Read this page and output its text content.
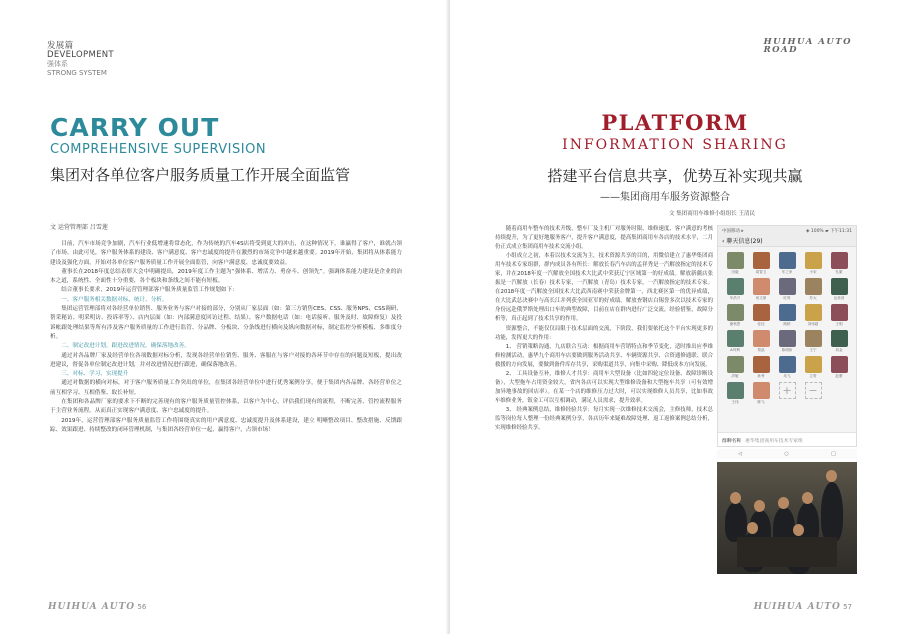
发展篇
DEVELOPMENT
强体系
STRONG SYSTEM
CARRY OUT
COMPREHENSIVE SUPERVISION
集团对各单位客户服务质量工作开展全面监管
文 运营管理部 吕雪莲

目前，汽车市场竞争加剧，汽车行业低增速将常态化，作为传统的汽车4S店将受到更大的冲击，在这种情况下，谁赢得了客户，谁就占领了市场。由此可见，客户服务体系的建设、客户满意度、客户忠诚度的提升在激烈的市场竞争中越来越重要。2019年开始，集团将从体系能力建设及强化方面，开始对各单位客户服务质量工作开展全面监管，向客户满意度、忠诚度要效益。

董事长在2018年度总结表彰大会中明确提出，2019年度工作主题为“强体系、增活力、勇奋斗、创领先”。强调体系能力建设是企业的治本之道，系统性、全面性十分重要，各个板块和条线之间不能有短板。

结合董事长要求，2019年运营管理部客户服务质量监管工作规划如下：

一、客户服务相关数据对标、统计、分析。

集团运营管理部将对各经营单位销售、服务业务与客户对接的部分，分别从厂家层面（如：第三方销售CES、CSS、服务NPS、CSS调研、帮采秘访、明采明访、投诉率等）、店内层面（如：内部满意度回访过程、结果）、客户数据电话（如：电话接听、服务及时、故障修复）及投诉帐跟处理结果等所有涉及客户服务质量的工作进行监管、分品牌、分板块、分条线进行横向及纵向数据对标，制定监控分析模板、多维度分析。

二、制定改进计划，跟进改进情况，确保落地改善。

通过对各品牌厂家及经营单位各项数据对标分析，发现各经营单位销售、服务、客服在与客户对接的各环节中存在的问题及短板，提出改进建议，督促各单位制定改进计划，并对改进情况进行跟进，确保落地改善。

三、对标、学习、实现提升

通过对数据的横向对标，对于客户服务质量工作突出的单位，在集团各经营单位中进行优秀案例分享，便于集团内各品牌、各经营单位之前互相学习、互相借鉴、取长补短。

在集团和各品牌厂家的要求下不断的完善现有的客户服务质量管控体系，以客户为中心，评估我们现有的流程，不断完善、管控流程服务于主营业务流程，从而真正实现客户满意度、客户忠诚度的提升。

2019年，运营管理部客户服务质量监管工作将围绕真实的用户满意度、忠诚度提升及体系建设，建立 明晰整改项目、整改措施、反馈跟踪、效果跟进、持续整改的闭环管理机制，与集团各经营单位一起，赢得客户，占领市场！

HUIHUA AUTO 56
HUIHUA AUTO
ROAD
PLATFORM
INFORMATION SHARING
搭建平台信息共享，优势互补实现共赢
——集团商用车服务资源整合
文 集团商用车维修小组组长 王清民

随着商用车整车的技术升级，整车厂及主机厂对服务时限、维修速度、客户满意的考核持续提升，为了更好地服务客户，提升客户满意度，提高集团商用车各店的技术水平，二月份正式成立集团商用车技术交流小组。

小组成立之初，本着以技术交流为主，技术资源共享的目的，用微信建立了惠华集团商用车技术专家组群，群内成员各有所长：解放长春汽车店的孟祥秀是一汽解放指定的技术专家，并在2018年度一汽解放全国技术大比武中荣获辽宁区域第一的好成绩。解放新疆店张振是一汽解放（长春）技术专家，一汽解放（青岛）技术专家，一汽解放指定的技术专家。在2018年度一汽解放全国技术大比武西南赛中荣获金牌第一，西北赛区第一的优异成绩，在大比武总决赛中与高长江并列获全国亚军的好成绩。解放查钢店白锡誉多次以技术专家的身份远赴俄罗斯处理出口车的典型故障，目前在店在群内进行广泛交流，经验借鉴，故障分析等，真正起到了技术共享的作用。

资源整合，不能仅仅局限于技术层面的交流，下阶段，我们要依托这个平台实现更多的功能，发挥更大的作用：

1、 营销策略沟通，九店联合互动：根据商用车营销特点和季节变化，适时推出应季维修检测活动，惠华九个商用车店要做到服务活动共享、车辆资源共享、合资通修通联、联合救援的方向发展，要做到备件库存共享，采购渠道共享，向集中采购、降低成本方向发展。

2、 工具设备互补，维修人才共享：商用车大型设备（比如四轮定位设备、故障诊断设备），大型拖车占用资金较大，省内各店可以实现大型维修设备和大型拖车共享（可有效增加异地事故的回店率）。在某一个店的维修压力过大时，可以实现维修人员共享，比如事故车维修业务，钣金工可以互相调动，满足人员需求，提升效率。

3、 经典案例总结，维修经验共享：每月实现一次维修技术交流会，主修技师，技术总监等岗位每人整理一份经典案例分享，各店历年来疑难故障处理、返工返修案例总结分析，实现维修经验共享。

中国移动 ▸	◈ 100% ▰ 下午11:31
‹ 聊天信息(29)
田毅	周智卫	车之家	小宋	孔繁
车洪兴	何文豪	旺哥	苏大	运营部
谢秋思	佳佳	路桥	刘伟超	王明
A玛利	郑浪	陈明伟	王宁	刘金
洪敏	孙秀	吴飞	立哥	赵蕾
王伟	陈飞
+	−
群聊名称 惠华集团商用车技术专家组
◁	○	□
HUIHUA AUTO 57
